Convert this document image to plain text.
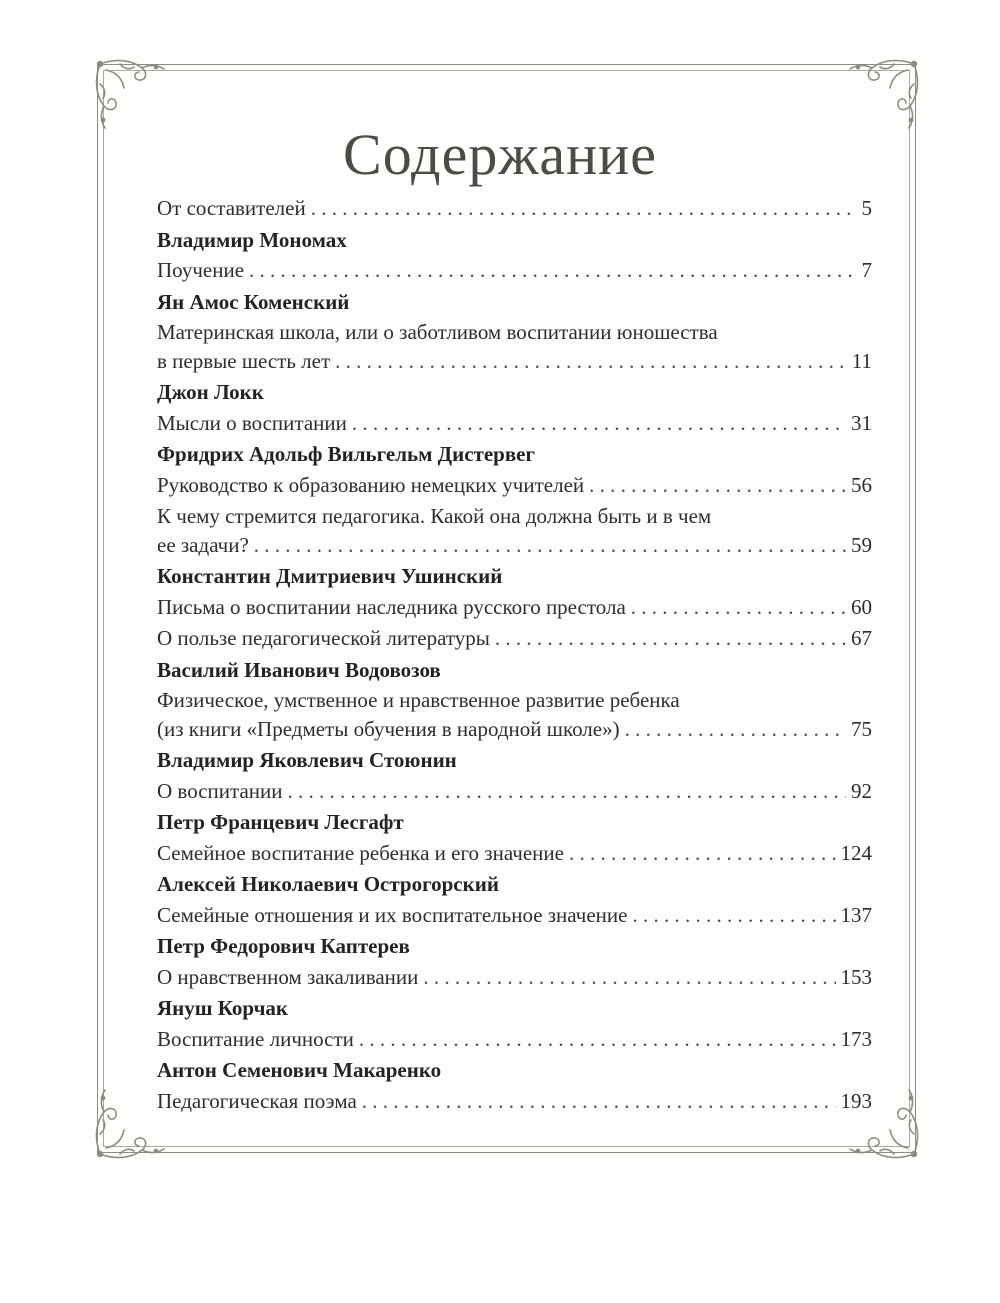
Содержание
От составителей . . .	5
Владимир Мономах
Поучение . . .	7
Ян Амос Коменский
Материнская школа, или о заботливом воспитании юношества
в первые шесть лет . . .	11
Джон Локк
Мысли о воспитании . . .	31
Фридрих Адольф Вильгельм Дистервег
Руководство к образованию немецких учителей . . .	56
К чему стремится педагогика. Какой она должна быть и в чем
ее задачи? . . .	59
Константин Дмитриевич Ушинский
Письма о воспитании наследника русского престола . . .	60
О пользе педагогической литературы . . .	67
Василий Иванович Водовозов
Физическое, умственное и нравственное развитие ребенка
(из книги «Предметы обучения в народной школе») . . .	75
Владимир Яковлевич Стоюнин
О воспитании . . .	92
Петр Францевич Лесгафт
Семейное воспитание ребенка и его значение . . .	124
Алексей Николаевич Острогорский
Семейные отношения и их воспитательное значение . . .	137
Петр Федорович Каптерев
О нравственном закаливании . . .	153
Януш Корчак
Воспитание личности . . .	173
Антон Семенович Макаренко
Педагогическая поэма . . .	193
